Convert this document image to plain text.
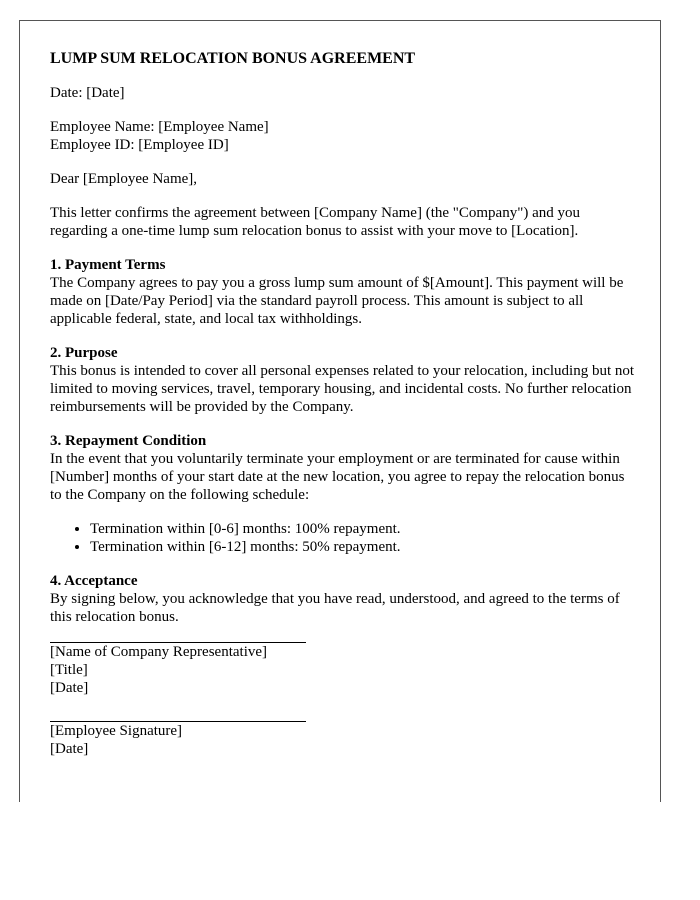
LUMP SUM RELOCATION BONUS AGREEMENT

Date: [Date]

Employee Name: [Employee Name]

Employee ID: [Employee ID]

Dear [Employee Name],

This letter confirms the agreement between [Company Name] (the "Company") and you regarding a one-time lump sum relocation bonus to assist with your move to [Location].

1. Payment Terms

The Company agrees to pay you a gross lump sum amount of $[Amount]. This payment will be made on [Date/Pay Period] via the standard payroll process. This amount is subject to all applicable federal, state, and local tax withholdings.

2. Purpose

This bonus is intended to cover all personal expenses related to your relocation, including but not limited to moving services, travel, temporary housing, and incidental costs. No further relocation reimbursements will be provided by the Company.

3. Repayment Condition

In the event that you voluntarily terminate your employment or are terminated for cause within [Number] months of your start date at the new location, you agree to repay the relocation bonus to the Company on the following schedule:

• Termination within [0-6] months: 100% repayment.
• Termination within [6-12] months: 50% repayment.

4. Acceptance

By signing below, you acknowledge that you have read, understood, and agreed to the terms of this relocation bonus.

[Name of Company Representative]

[Title]

[Date]

[Employee Signature]

[Date]
